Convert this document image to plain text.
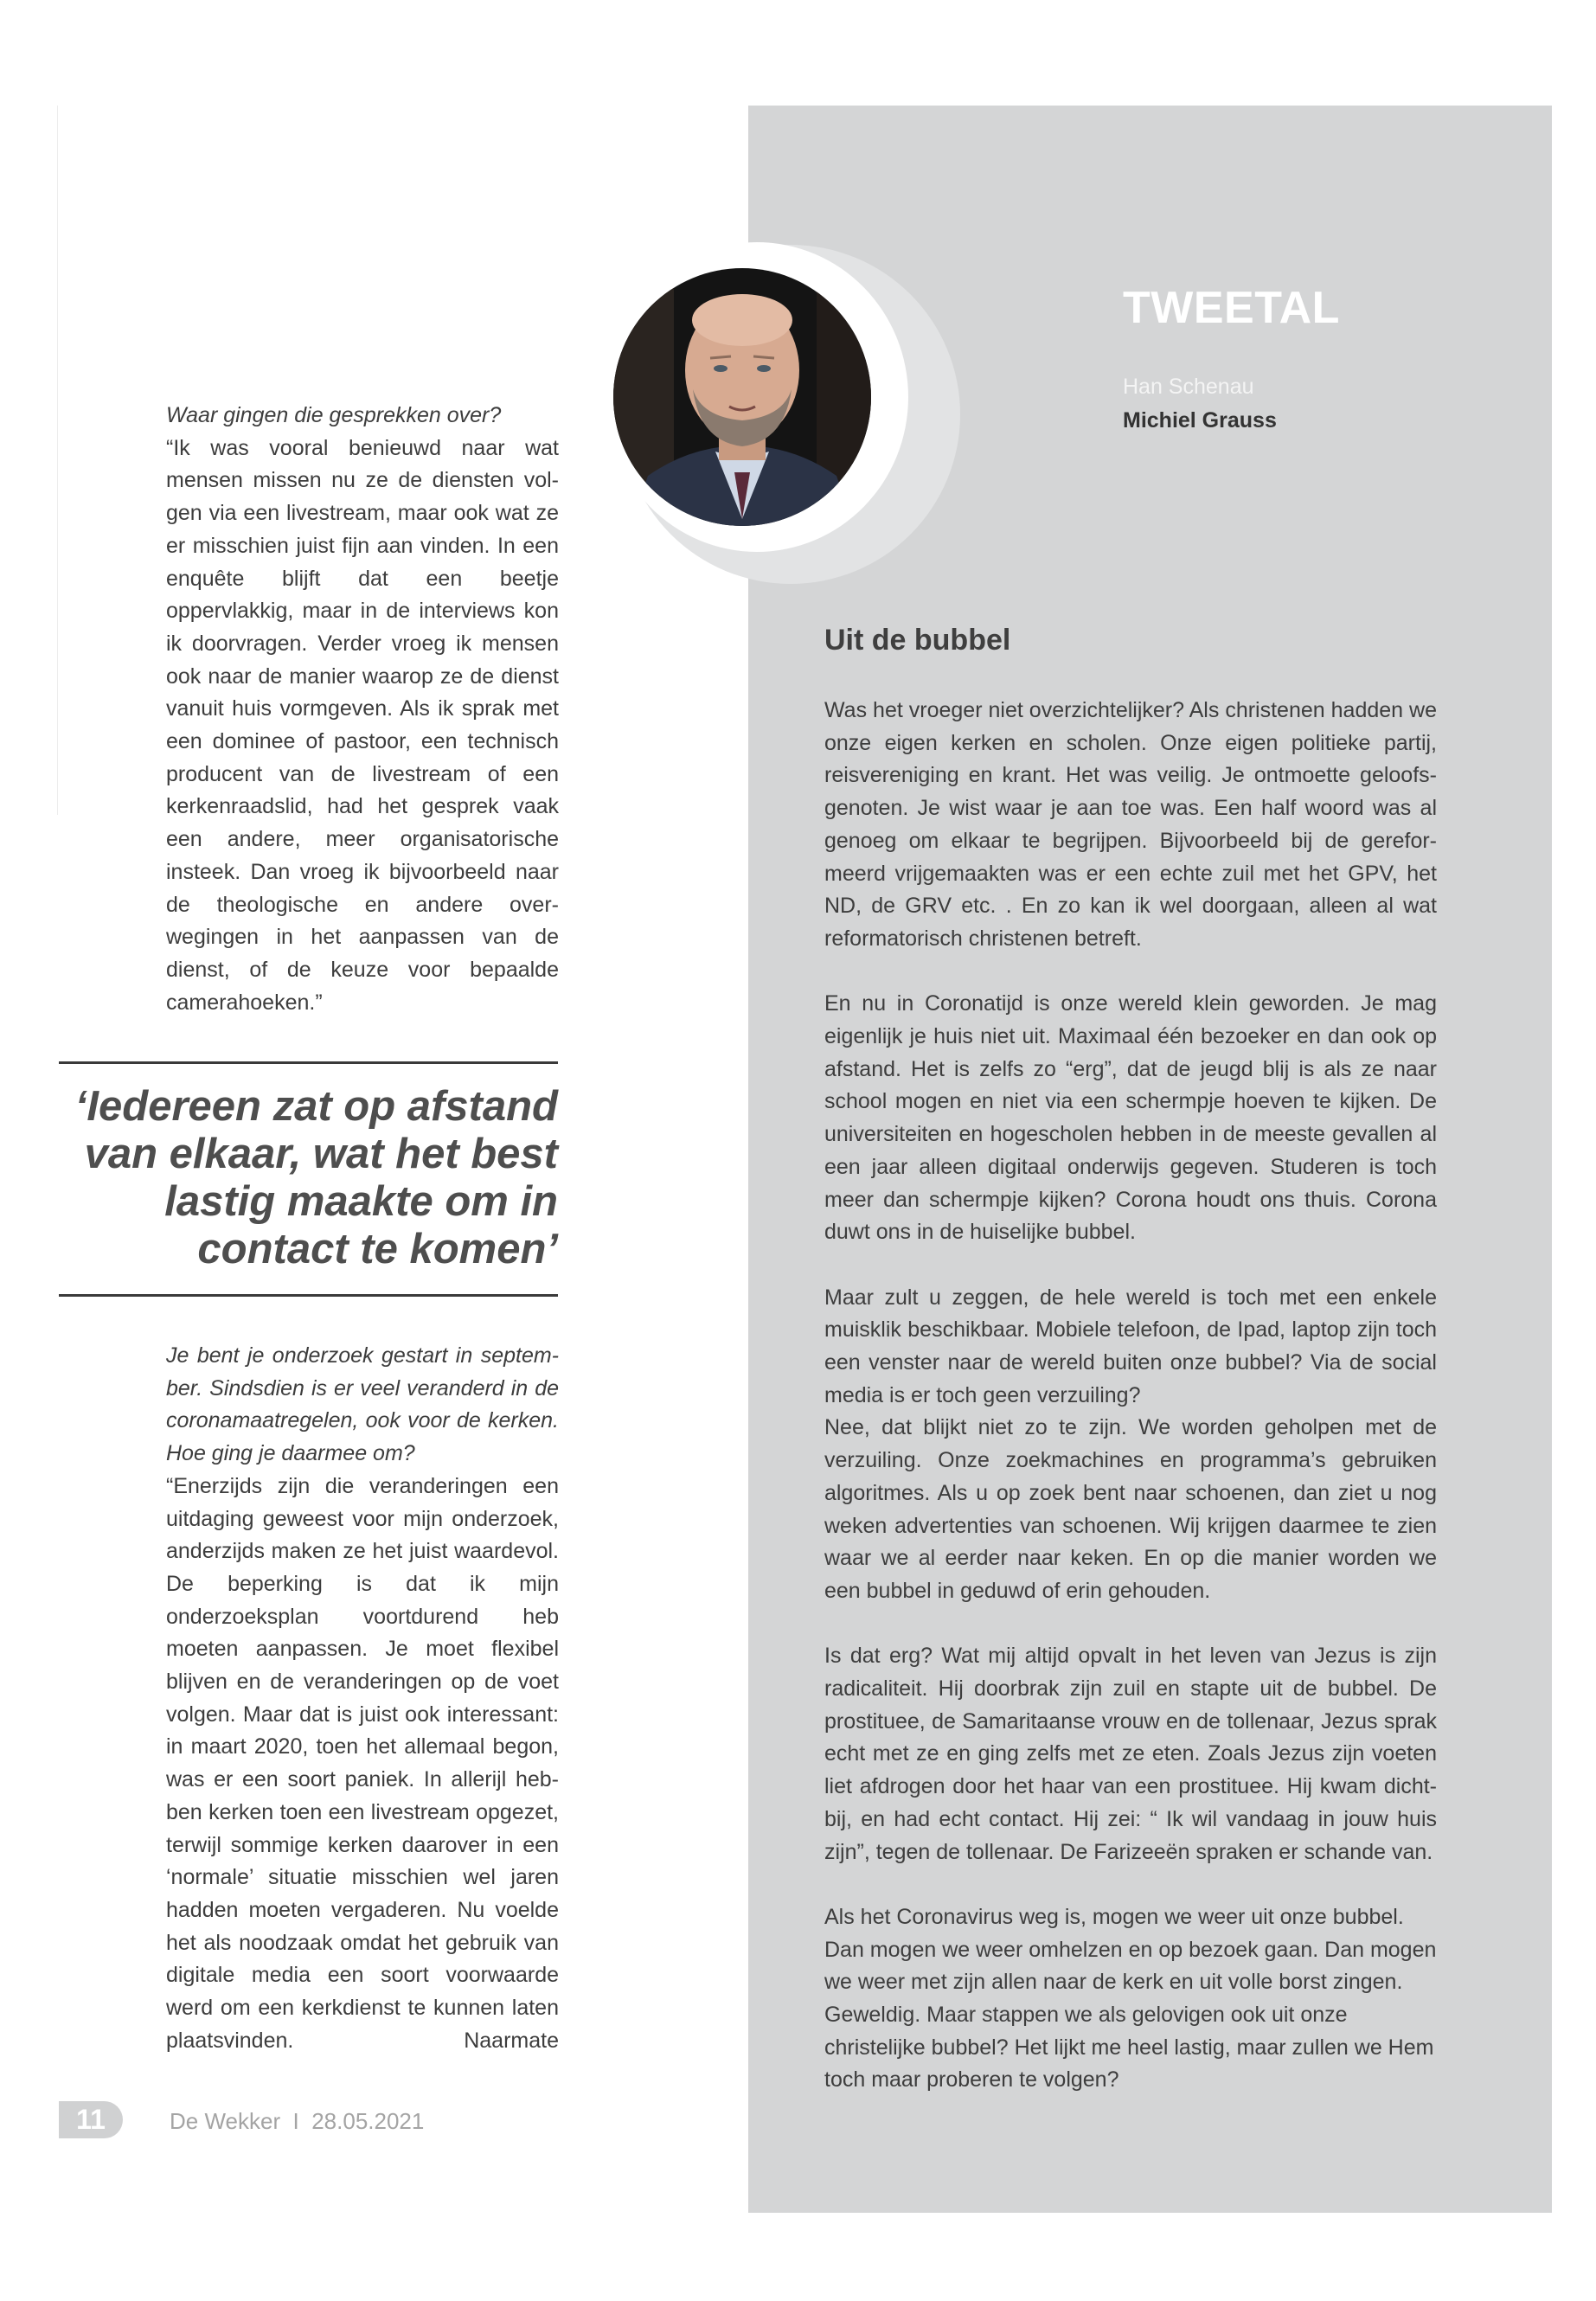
TWEETAL
Han Schenau
Michiel Grauss
Uit de bubbel

Was het vroeger niet overzichtelijker? Als christenen hadden we onze eigen kerken en scholen. Onze eigen politieke partij, reisvereniging en krant. Het was veilig. Je ontmoette geloofsgenoten. Je wist waar je aan toe was. Een half woord was al genoeg om elkaar te begrijpen. Bijvoorbeeld bij de gereformeerd vrijgemaakten was er een echte zuil met het GPV, het ND, de GRV etc. . En zo kan ik wel doorgaan, alleen al wat reformatorisch christenen betreft.

En nu in Coronatijd is onze wereld klein geworden. Je mag eigenlijk je huis niet uit. Maximaal één bezoeker en dan ook op afstand. Het is zelfs zo “erg”, dat de jeugd blij is als ze naar school mogen en niet via een schermpje hoeven te kijken. De universiteiten en hogescholen hebben in de meeste gevallen al een jaar alleen digitaal onderwijs gegeven. Studeren is toch meer dan schermpje kijken? Corona houdt ons thuis. Corona duwt ons in de huiselijke bubbel.

Maar zult u zeggen, de hele wereld is toch met een enkele muisklik beschikbaar. Mobiele telefoon, de Ipad, laptop zijn toch een venster naar de wereld buiten onze bubbel? Via de social media is er toch geen verzuiling?
Nee, dat blijkt niet zo te zijn. We worden geholpen met de verzuiling. Onze zoekmachines en programma’s gebruiken algoritmes. Als u op zoek bent naar schoenen, dan ziet u nog weken advertenties van schoenen. Wij krijgen daarmee te zien waar we al eerder naar keken. En op die manier worden we een bubbel in geduwd of erin gehouden.

Is dat erg? Wat mij altijd opvalt in het leven van Jezus is zijn radicaliteit. Hij doorbrak zijn zuil en stapte uit de bubbel. De prostituee, de Samaritaanse vrouw en de tollenaar, Jezus sprak echt met ze en ging zelfs met ze eten. Zoals Jezus zijn voeten liet afdrogen door het haar van een prostituee. Hij kwam dichtbij, en had echt contact. Hij zei: “ Ik wil vandaag in jouw huis zijn”, tegen de tollenaar. De Farizeeën spraken er schande van.

Als het Coronavirus weg is, mogen we weer uit onze bubbel. Dan mogen we weer omhelzen en op bezoek gaan. Dan mogen we weer met zijn allen naar de kerk en uit volle borst zingen. Geweldig. Maar stappen we als gelovigen ook uit onze christelijke bubbel? Het lijkt me heel lastig, maar zullen we Hem toch maar proberen te volgen?

Waar gingen die gesprekken over?

“Ik was vooral benieuwd naar wat mensen missen nu ze de diensten volgen via een livestream, maar ook wat ze er misschien juist fijn aan vinden. In een enquête blijft dat een beetje oppervlakkig, maar in de interviews kon ik doorvragen. Verder vroeg ik mensen ook naar de manier waarop ze de dienst vanuit huis vormgeven. Als ik sprak met een dominee of pastoor, een technisch producent van de livestream of een kerkenraadslid, had het gesprek vaak een andere, meer organisatorische insteek. Dan vroeg ik bijvoorbeeld naar de theologische en andere overwegingen in het aanpassen van de dienst, of de keuze voor bepaalde camerahoeken.”

‘Iedereen zat op afstand van elkaar, wat het best lastig maakte om in contact te komen’

Je bent je onderzoek gestart in september. Sindsdien is er veel veranderd in de coronamaatregelen, ook voor de kerken. Hoe ging je daarmee om?

“Enerzijds zijn die veranderingen een uitdaging geweest voor mijn onderzoek, anderzijds maken ze het juist waardevol. De beperking is dat ik mijn onderzoeksplan voortdurend heb moeten aanpassen. Je moet flexibel blijven en de veranderingen op de voet volgen. Maar dat is juist ook interessant: in maart 2020, toen het allemaal begon, was er een soort paniek. In allerijl hebben kerken toen een livestream opgezet, terwijl sommige kerken daarover in een ‘normale’ situatie misschien wel jaren hadden moeten vergaderen. Nu voelde het als noodzaak omdat het gebruik van digitale media een soort voorwaarde werd om een kerkdienst te kunnen laten plaatsvinden. Naarmate

11	De Wekker  I  28.05.2021
